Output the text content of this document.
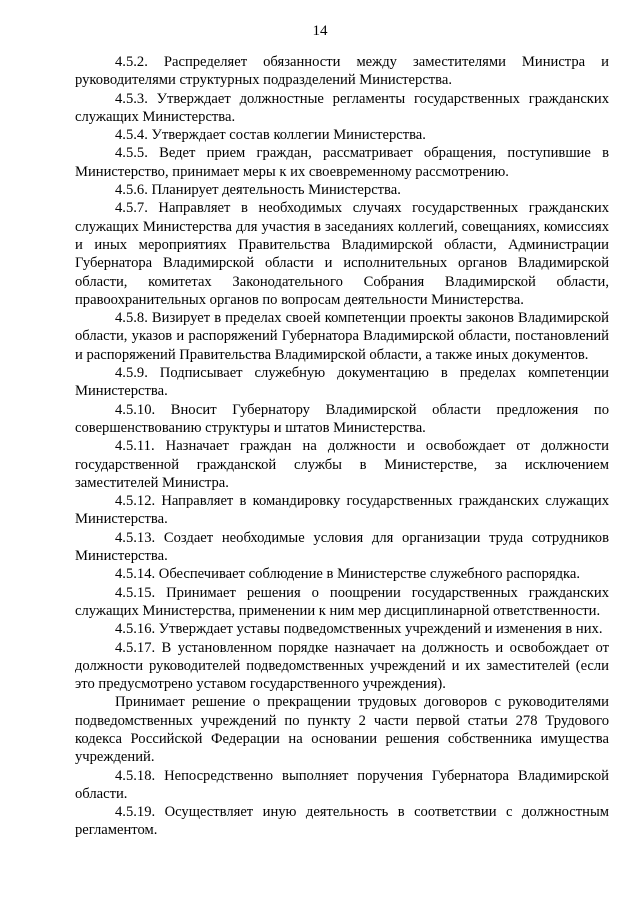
14

4.5.2. Распределяет обязанности между заместителями Министра и руководителями структурных подразделений Министерства.

4.5.3. Утверждает должностные регламенты государственных гражданских служащих Министерства.

4.5.4. Утверждает состав коллегии Министерства.

4.5.5. Ведет прием граждан, рассматривает обращения, поступившие в Министерство, принимает меры к их своевременному рассмотрению.

4.5.6. Планирует деятельность Министерства.

4.5.7. Направляет в необходимых случаях государственных гражданских служащих Министерства для участия в заседаниях коллегий, совещаниях, комиссиях и иных мероприятиях Правительства Владимирской области, Администрации Губернатора Владимирской области и исполнительных органов Владимирской области, комитетах Законодательного Собрания Владимирской области, правоохранительных органов по вопросам деятельности Министерства.

4.5.8. Визирует в пределах своей компетенции проекты законов Владимирской области, указов и распоряжений Губернатора Владимирской области, постановлений и распоряжений Правительства Владимирской области, а также иных документов.

4.5.9. Подписывает служебную документацию в пределах компетенции Министерства.

4.5.10. Вносит Губернатору Владимирской области предложения по совершенствованию структуры и штатов Министерства.

4.5.11. Назначает граждан на должности и освобождает от должности государственной гражданской службы в Министерстве, за исключением заместителей Министра.

4.5.12. Направляет в командировку государственных гражданских служащих Министерства.

4.5.13. Создает необходимые условия для организации труда сотрудников Министерства.

4.5.14. Обеспечивает соблюдение в Министерстве служебного распорядка.

4.5.15. Принимает решения о поощрении государственных гражданских служащих Министерства, применении к ним мер дисциплинарной ответственности.

4.5.16. Утверждает уставы подведомственных учреждений и изменения в них.

4.5.17. В установленном порядке назначает на должность и освобождает от должности руководителей подведомственных учреждений и их заместителей (если это предусмотрено уставом государственного учреждения).

Принимает решение о прекращении трудовых договоров с руководителями подведомственных учреждений по пункту 2 части первой статьи 278 Трудового кодекса Российской Федерации на основании решения собственника имущества учреждений.

4.5.18. Непосредственно выполняет поручения Губернатора Владимирской области.

4.5.19. Осуществляет иную деятельность в соответствии с должностным регламентом.
